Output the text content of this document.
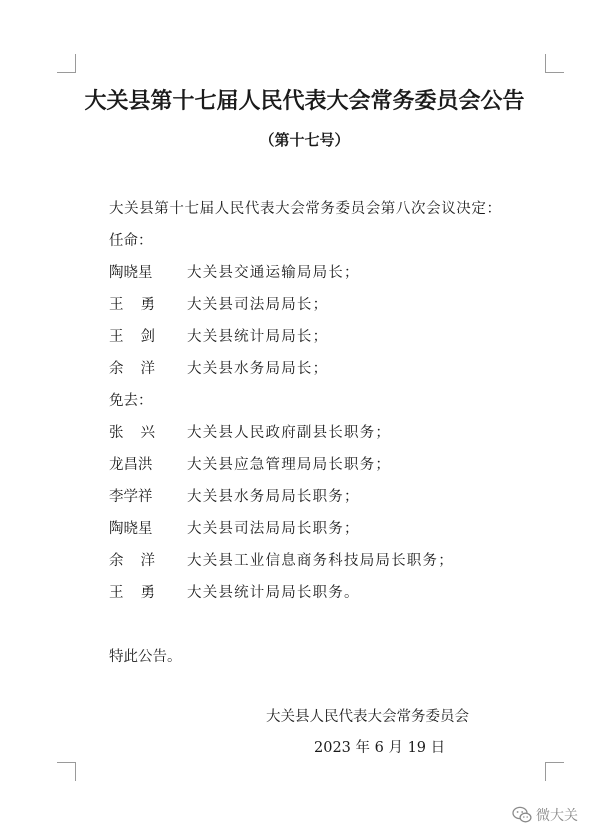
大关县第十七届人民代表大会常务委员会公告
（第十七号）
大关县第十七届人民代表大会常务委员会第八次会议决定：
任命：
陶晓星	大关县交通运输局局长；
王勇	大关县司法局局长；
王剑	大关县统计局局长；
余洋	大关县水务局局长；
免去：
张兴	大关县人民政府副县长职务；
龙昌洪	大关县应急管理局局长职务；
李学祥	大关县水务局局长职务；
陶晓星	大关县司法局局长职务；
余洋	大关县工业信息商务科技局局长职务；
王勇	大关县统计局局长职务。
特此公告。
大关县人民代表大会常务委员会
2023 年 6 月 19 日
微大关
